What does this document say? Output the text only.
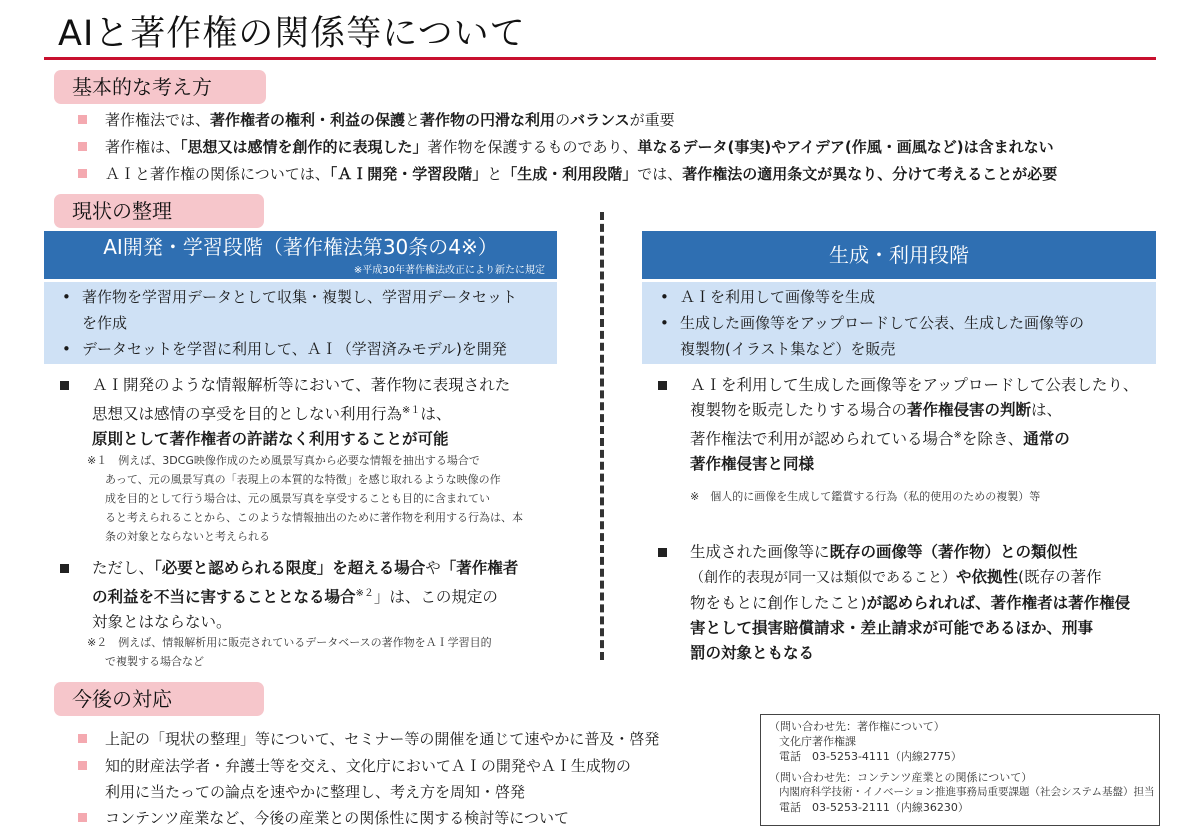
AIと著作権の関係等について
基本的な考え方
著作権法では、著作権者の権利・利益の保護と著作物の円滑な利用のバランスが重要
著作権は、「思想又は感情を創作的に表現した」著作物を保護するものであり、単なるデータ(事実)やアイデア(作風・画風など)は含まれない
ＡＩと著作権の関係については、「ＡＩ開発・学習段階」と「生成・利用段階」では、著作権法の適用条文が異なり、分けて考えることが必要
現状の整理
AI開発・学習段階（著作権法第30条の4※）
※平成30年著作権法改正により新たに規定
• 著作物を学習用データとして収集・複製し、学習用データセット
を作成
• データセットを学習に利用して、ＡＩ（学習済みモデル)を開発
ＡＩ開発のような情報解析等において、著作物に表現された
思想又は感情の享受を目的としない利用行為$^{※1}$は、
原則として著作権者の許諾なく利用することが可能
※１　例えば、3DCG映像作成のため風景写真から必要な情報を抽出する場合で
あって、元の風景写真の「表現上の本質的な特徴」を感じ取れるような映像の作
成を目的として行う場合は、元の風景写真を享受することも目的に含まれてい
ると考えられることから、このような情報抽出のために著作物を利用する行為は、本
条の対象とならないと考えられる
ただし、「必要と認められる限度」を超える場合や「著作権者
の利益を不当に害することとなる場合$^{※2}$」は、この規定の
対象とはならない。
※２　例えば、情報解析用に販売されているデータベースの著作物をＡＩ学習目的
で複製する場合など
生成・利用段階
• ＡＩを利用して画像等を生成
• 生成した画像等をアップロードして公表、生成した画像等の
複製物(イラスト集など）を販売
ＡＩを利用して生成した画像等をアップロードして公表したり、
複製物を販売したりする場合の著作権侵害の判断は、
著作権法で利用が認められている場合※を除き、通常の
著作権侵害と同様
※　個人的に画像を生成して鑑賞する行為（私的使用のための複製）等
生成された画像等に既存の画像等（著作物）との類似性
（創作的表現が同一又は類似であること）や依拠性(既存の著作
物をもとに創作したこと)が認められれば、著作権者は著作権侵
害として損害賠償請求・差止請求が可能であるほか、刑事
罰の対象ともなる
今後の対応
上記の「現状の整理」等について、セミナー等の開催を通じて速やかに普及・啓発
知的財産法学者・弁護士等を交え、文化庁においてＡＩの開発やＡＩ生成物の
利用に当たっての論点を速やかに整理し、考え方を周知・啓発
コンテンツ産業など、今後の産業との関係性に関する検討等について
（問い合わせ先：著作権について）
文化庁著作権課
電話　03-5253-4111（内線2775）
（問い合わせ先：コンテンツ産業との関係について）
内閣府科学技術・イノベーション推進事務局重要課題（社会システム基盤）担当
電話　03-5253-2111（内線36230）
